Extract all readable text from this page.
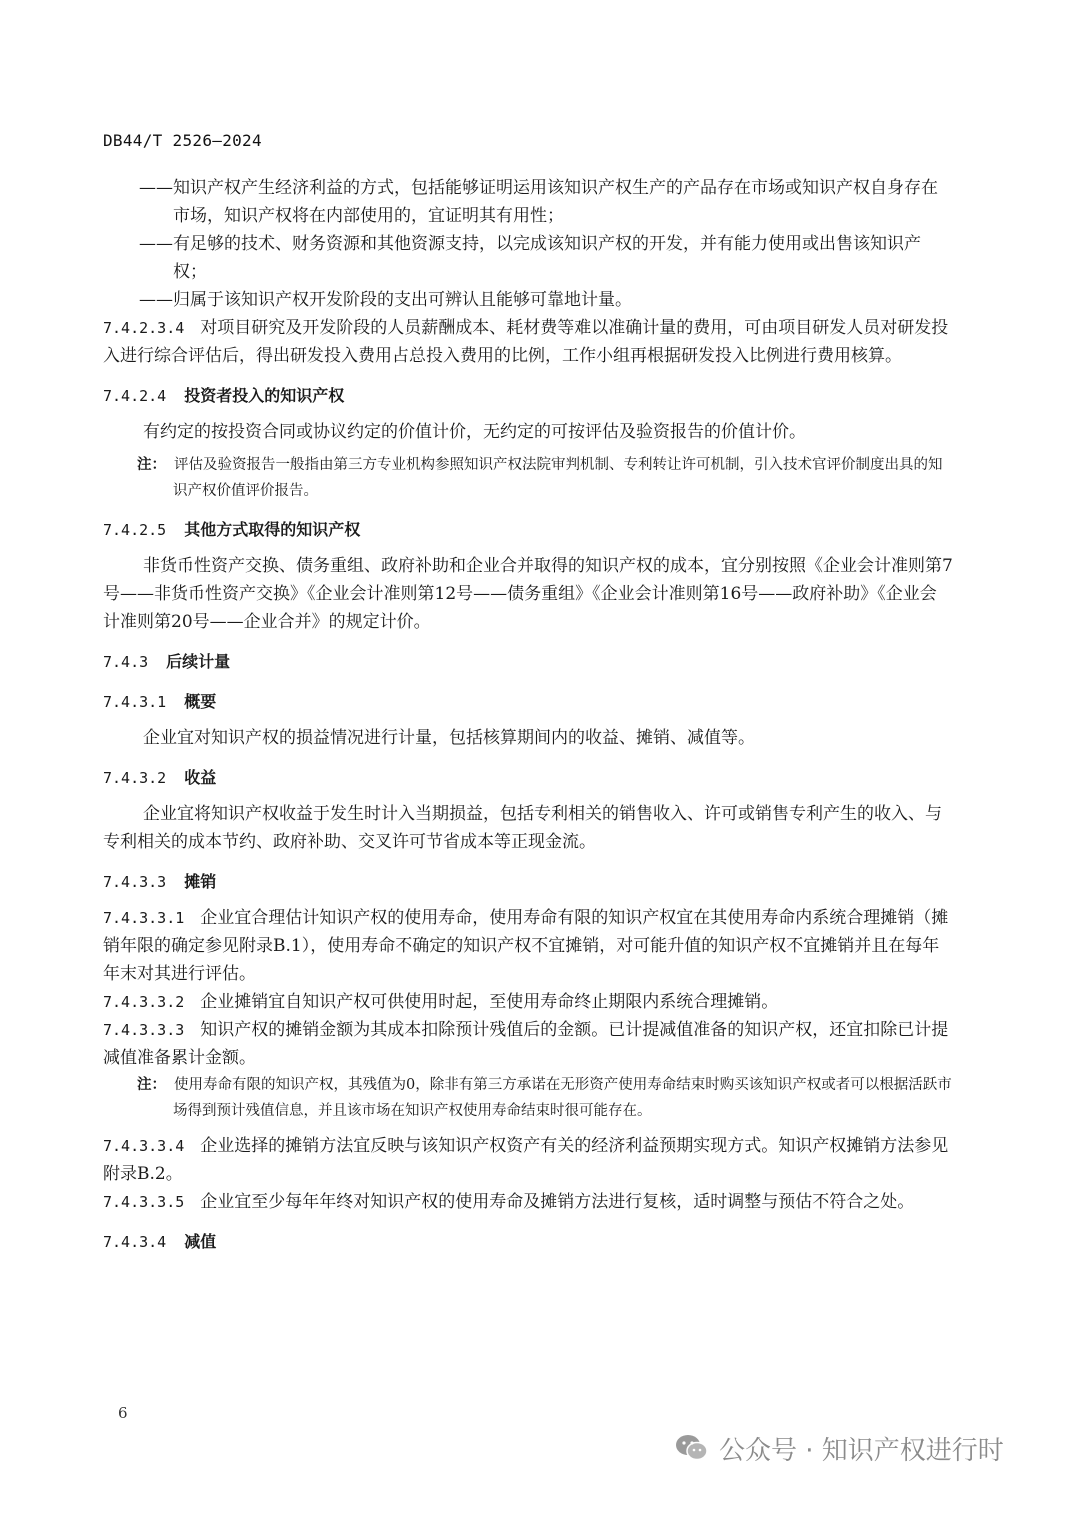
DB44/T 2526—2024
——知识产权产生经济利益的方式，包括能够证明运用该知识产权生产的产品存在市场或知识产权自身存在市场，知识产权将在内部使用的，宜证明其有用性；
——有足够的技术、财务资源和其他资源支持，以完成该知识产权的开发，并有能力使用或出售该知识产权；
——归属于该知识产权开发阶段的支出可辨认且能够可靠地计量。
7.4.2.3.4 对项目研究及开发阶段的人员薪酬成本、耗材费等难以准确计量的费用，可由项目研发人员对研发投入进行综合评估后，得出研发投入费用占总投入费用的比例，工作小组再根据研发投入比例进行费用核算。
7.4.2.4 投资者投入的知识产权
有约定的按投资合同或协议约定的价值计价，无约定的可按评估及验资报告的价值计价。
注： 评估及验资报告一般指由第三方专业机构参照知识产权法院审判机制、专利转让许可机制，引入技术官评价制度出具的知识产权价值评价报告。
7.4.2.5 其他方式取得的知识产权
非货币性资产交换、债务重组、政府补助和企业合并取得的知识产权的成本，宜分别按照《企业会计准则第7号——非货币性资产交换》《企业会计准则第12号——债务重组》《企业会计准则第16号——政府补助》《企业会计准则第20号——企业合并》的规定计价。
7.4.3 后续计量
7.4.3.1 概要
企业宜对知识产权的损益情况进行计量，包括核算期间内的收益、摊销、减值等。
7.4.3.2 收益
企业宜将知识产权收益于发生时计入当期损益，包括专利相关的销售收入、许可或销售专利产生的收入、与专利相关的成本节约、政府补助、交叉许可节省成本等正现金流。
7.4.3.3 摊销
7.4.3.3.1 企业宜合理估计知识产权的使用寿命，使用寿命有限的知识产权宜在其使用寿命内系统合理摊销（摊销年限的确定参见附录B.1），使用寿命不确定的知识产权不宜摊销，对可能升值的知识产权不宜摊销并且在每年年末对其进行评估。
7.4.3.3.2 企业摊销宜自知识产权可供使用时起，至使用寿命终止期限内系统合理摊销。
7.4.3.3.3 知识产权的摊销金额为其成本扣除预计残值后的金额。已计提减值准备的知识产权，还宜扣除已计提减值准备累计金额。
注： 使用寿命有限的知识产权，其残值为0，除非有第三方承诺在无形资产使用寿命结束时购买该知识产权或者可以根据活跃市场得到预计残值信息，并且该市场在知识产权使用寿命结束时很可能存在。
7.4.3.3.4 企业选择的摊销方法宜反映与该知识产权资产有关的经济利益预期实现方式。知识产权摊销方法参见附录B.2。
7.4.3.3.5 企业宜至少每年年终对知识产权的使用寿命及摊销方法进行复核，适时调整与预估不符合之处。
7.4.3.4 减值
6
公众号 · 知识产权进行时
